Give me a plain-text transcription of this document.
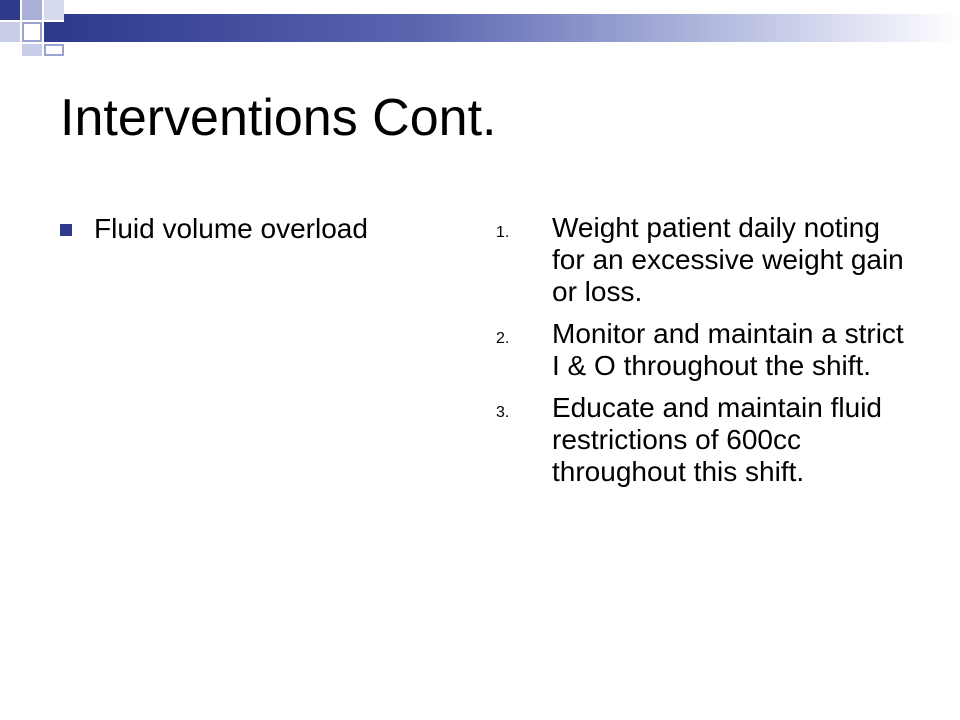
Interventions Cont.
Fluid volume overload	1.	Weight patient daily noting for an excessive weight gain or loss.
2.	Monitor and maintain a strict I & O throughout the shift.
3.	Educate and maintain fluid restrictions of 600cc throughout this shift.
